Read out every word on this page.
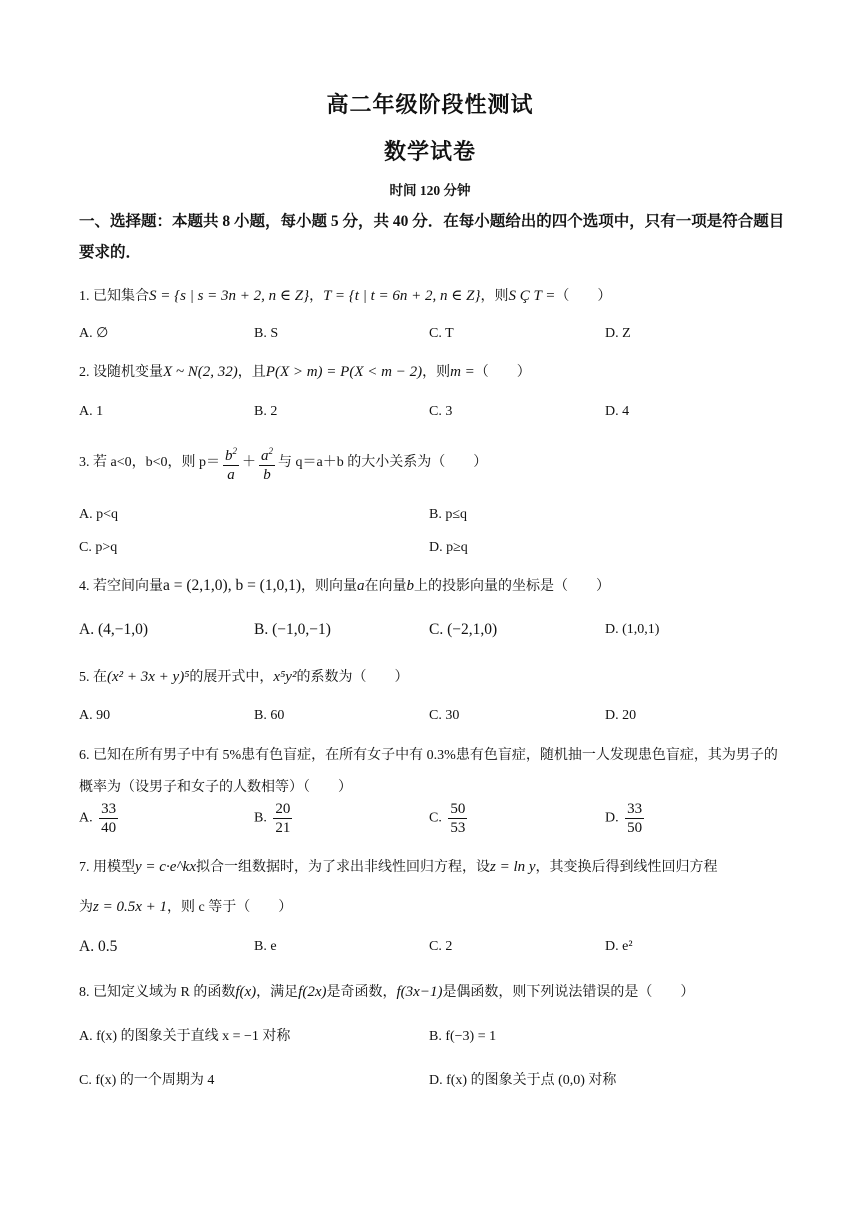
高二年级阶段性测试
数学试卷
时间 120 分钟
一、选择题：本题共 8 小题，每小题 5 分，共 40 分．在每小题给出的四个选项中，只有一项是符合题目要求的．
1. 已知集合S = {s | s = 3n + 2, n ∈ Z}，T = {t | t = 6n + 2, n ∈ Z}，则S Ç T =（　　）
A. ∅	B. S	C. T	D. Z
2. 设随机变量X ~ N(2, 32)，且P(X > m) = P(X < m − 2)，则m =（　　）
A. 1	B. 2	C. 3	D. 4
3. 若 a<0，b<0，则 $p= \frac{b^2}{a} + \frac{a^2}{b}$ 与 q＝a＋b 的大小关系为（　　）
A. p<q	B. p≤q
C. p>q	D. p≥q
4. 若空间向量a = (2,1,0), b = (1,0,1)，则向量a在向量b上的投影向量的坐标是（　　）
A. (4,−1,0)	B. (−1,0,−1)	C. (−2,1,0)	D. (1,0,1)
5. 在(x² + 3x + y)⁵的展开式中，x⁵y²的系数为（　　）
A. 90	B. 60	C. 30	D. 20
6. 已知在所有男子中有 5%患有色盲症，在所有女子中有 0.3%患有色盲症，随机抽一人发现患色盲症，其为男子的概率为（设男子和女子的人数相等）（　　）
A. $\frac{33}{40}$	B. $\frac{20}{21}$	C. $\frac{50}{53}$	D. $\frac{33}{50}$
7. 用模型y = c·e^kx拟合一组数据时，为了求出非线性回归方程，设z = ln y，其变换后得到线性回归方程
为z = 0.5x + 1，则 c 等于（　　）
A. 0.5	B. e	C. 2	D. e²
8. 已知定义域为 R 的函数f(x)，满足f(2x)是奇函数，f(3x−1)是偶函数，则下列说法错误的是（　　）
A. f(x) 的图象关于直线 x = −1 对称	B. f(−3) = 1
C. f(x) 的一个周期为 4	D. f(x) 的图象关于点 (0,0) 对称
